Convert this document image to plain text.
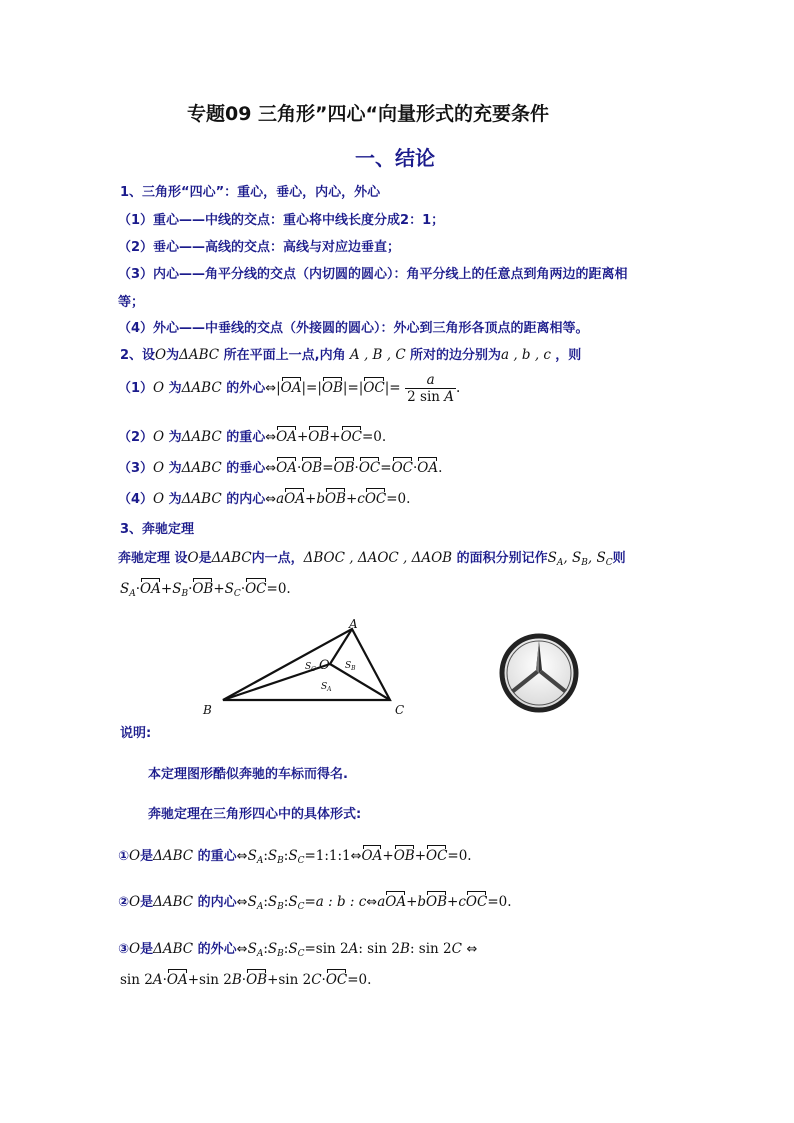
专题09 三角形”四心“向量形式的充要条件
一、结论
1、三角形“四心”：重心，垂心，内心，外心
（1）重心——中线的交点：重心将中线长度分成2：1；
（2）垂心——高线的交点：高线与对应边垂直；
（3）内心——角平分线的交点（内切圆的圆心）：角平分线上的任意点到角两边的距离相
等；
（4）外心——中垂线的交点（外接圆的圆心）：外心到三角形各顶点的距离相等。
2、设O为ΔABC 所在平面上一点,内角 A , B , C 所对的边分别为a , b , c ，则
（1）O 为ΔABC 的外心⇔|OA|=|OB|=|OC|= $\frac{a}{\text{2 sin A}}$ .
（2）O 为ΔABC 的重心⇔OA+OB+OC=0.
（3）O 为ΔABC 的垂心⇔OA·OB=OB·OC=OC·OA.
（4）O 为ΔABC 的内心⇔aOA+bOB+cOC=0.
3、奔驰定理
奔驰定理 设O是ΔABC内一点，ΔBOC , ΔAOC , ΔAOB 的面积分别记作$S_A$, $S_B$, $S_C$则
$S_A\cdot OA+S_B\cdot OB+S_C\cdot OC=0$.
A
B	C
O
$S_C$	$S_B$
$S_A$
说明:
本定理图形酷似奔驰的车标而得名.
奔驰定理在三角形四心中的具体形式:
①O是ΔABC 的重心$\Leftrightarrow S_A:S_B:S_C=1:1:1\Leftrightarrow OA+OB+OC=0$.
②O是ΔABC 的内心$\Leftrightarrow S_A:S_B:S_C=a$ : b : c⇔aOA+bOB+cOC=0.
③O是ΔABC 的外心$\Leftrightarrow S_A:S_B:S_C=\sin$ 2A: sin 2B: sin 2C ⇔
sin 2A·OA+sin 2B·OB+sin 2C·OC=0.
